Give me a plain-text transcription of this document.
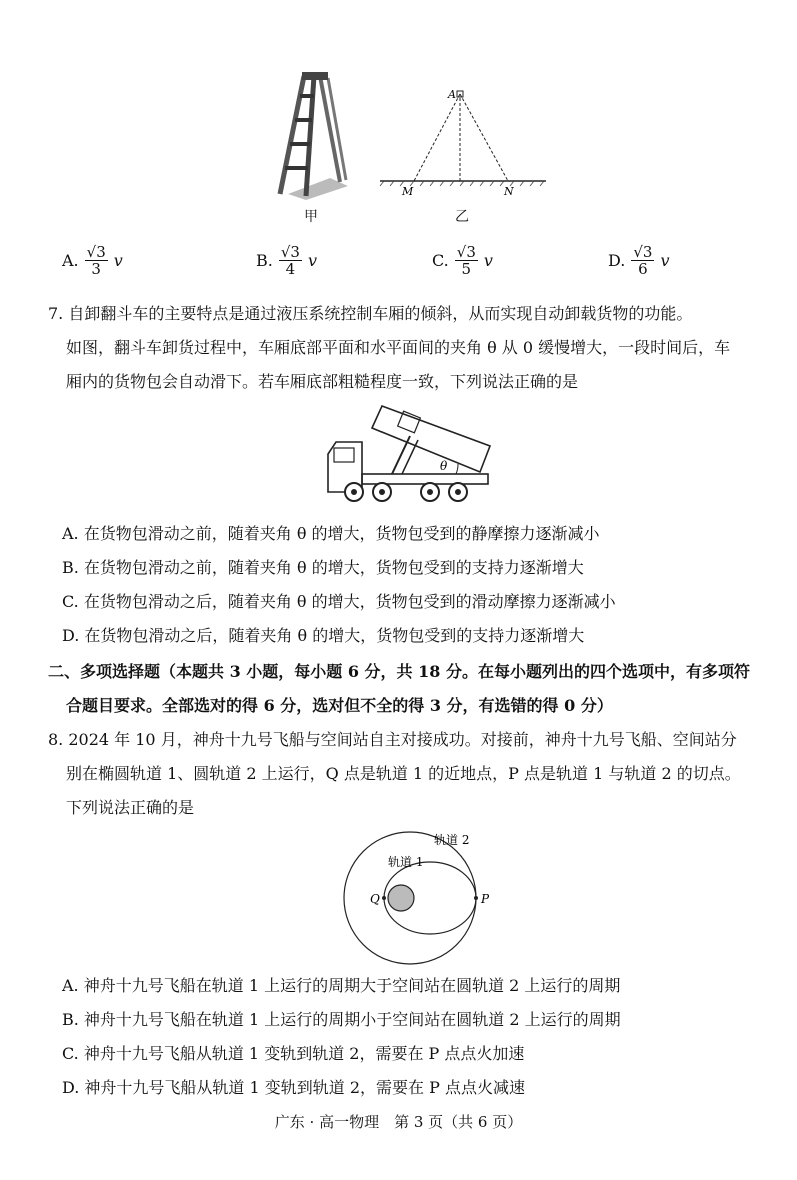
A
M	N
甲	乙
A. $\frac{√3}{3}$ v	B. $\frac{√3}{4}$ v	C. $\frac{√3}{5}$ v	D. $\frac{√3}{6}$ v
7. 自卸翻斗车的主要特点是通过液压系统控制车厢的倾斜，从而实现自动卸载货物的功能。
如图，翻斗车卸货过程中，车厢底部平面和水平面间的夹角 θ 从 0 缓慢增大，一段时间后，车
厢内的货物包会自动滑下。若车厢底部粗糙程度一致，下列说法正确的是
θ
A. 在货物包滑动之前，随着夹角 θ 的增大，货物包受到的静摩擦力逐渐减小
B. 在货物包滑动之前，随着夹角 θ 的增大，货物包受到的支持力逐渐增大
C. 在货物包滑动之后，随着夹角 θ 的增大，货物包受到的滑动摩擦力逐渐减小
D. 在货物包滑动之后，随着夹角 θ 的增大，货物包受到的支持力逐渐增大
二、多项选择题（本题共 3 小题，每小题 6 分，共 18 分。在每小题列出的四个选项中，有多项符
合题目要求。全部选对的得 6 分，选对但不全的得 3 分，有选错的得 0 分）
8. 2024 年 10 月，神舟十九号飞船与空间站自主对接成功。对接前，神舟十九号飞船、空间站分
别在椭圆轨道 1、圆轨道 2 上运行，Q 点是轨道 1 的近地点，P 点是轨道 1 与轨道 2 的切点。
下列说法正确的是
轨道 2
轨道 1
Q	P
A. 神舟十九号飞船在轨道 1 上运行的周期大于空间站在圆轨道 2 上运行的周期
B. 神舟十九号飞船在轨道 1 上运行的周期小于空间站在圆轨道 2 上运行的周期
C. 神舟十九号飞船从轨道 1 变轨到轨道 2，需要在 P 点点火加速
D. 神舟十九号飞船从轨道 1 变轨到轨道 2，需要在 P 点点火减速
广东 · 高一物理　第 3 页（共 6 页）
